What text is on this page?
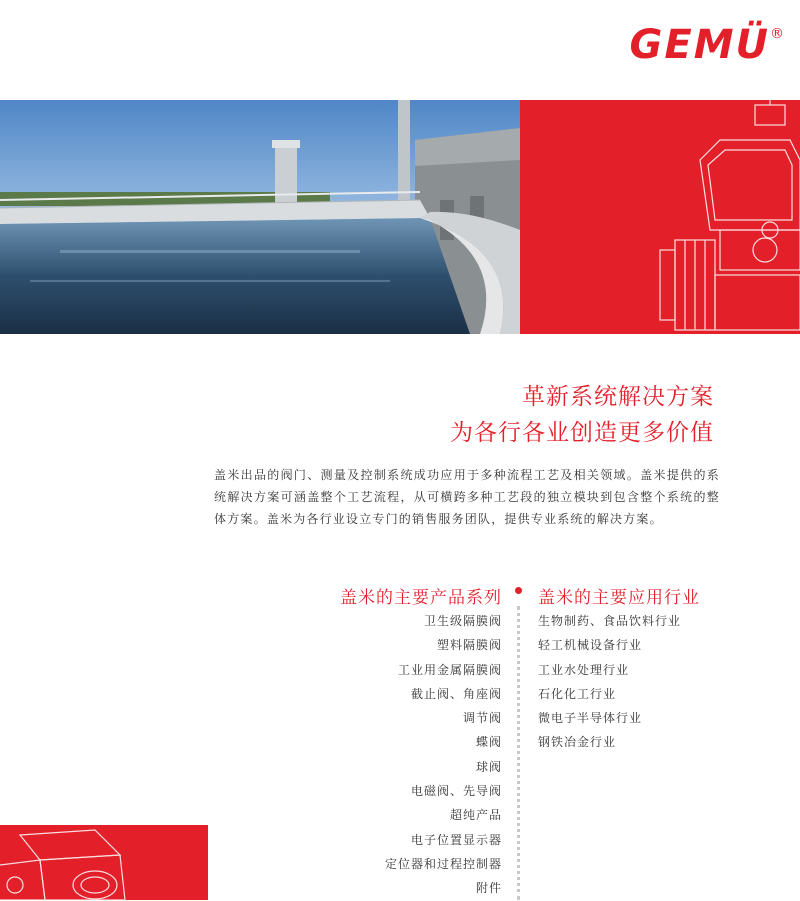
GEMÜ®
革新系统解决方案
为各行各业创造更多价值

盖米出品的阀门、测量及控制系统成功应用于多种流程工艺及相关领域。盖米提供的系统解决方案可涵盖整个工艺流程，从可横跨多种工艺段的独立模块到包含整个系统的整体方案。盖米为各行业设立专门的销售服务团队，提供专业系统的解决方案。

盖米的主要产品系列 盖米的主要应用行业
卫生级隔膜阀
塑料隔膜阀
工业用金属隔膜阀
截止阀、角座阀
调节阀
蝶阀
球阀
电磁阀、先导阀
超纯产品
电子位置显示器
定位器和过程控制器
附件
生物制药、食品饮料行业
轻工机械设备行业
工业水处理行业
石化化工行业
微电子半导体行业
钢铁冶金行业
